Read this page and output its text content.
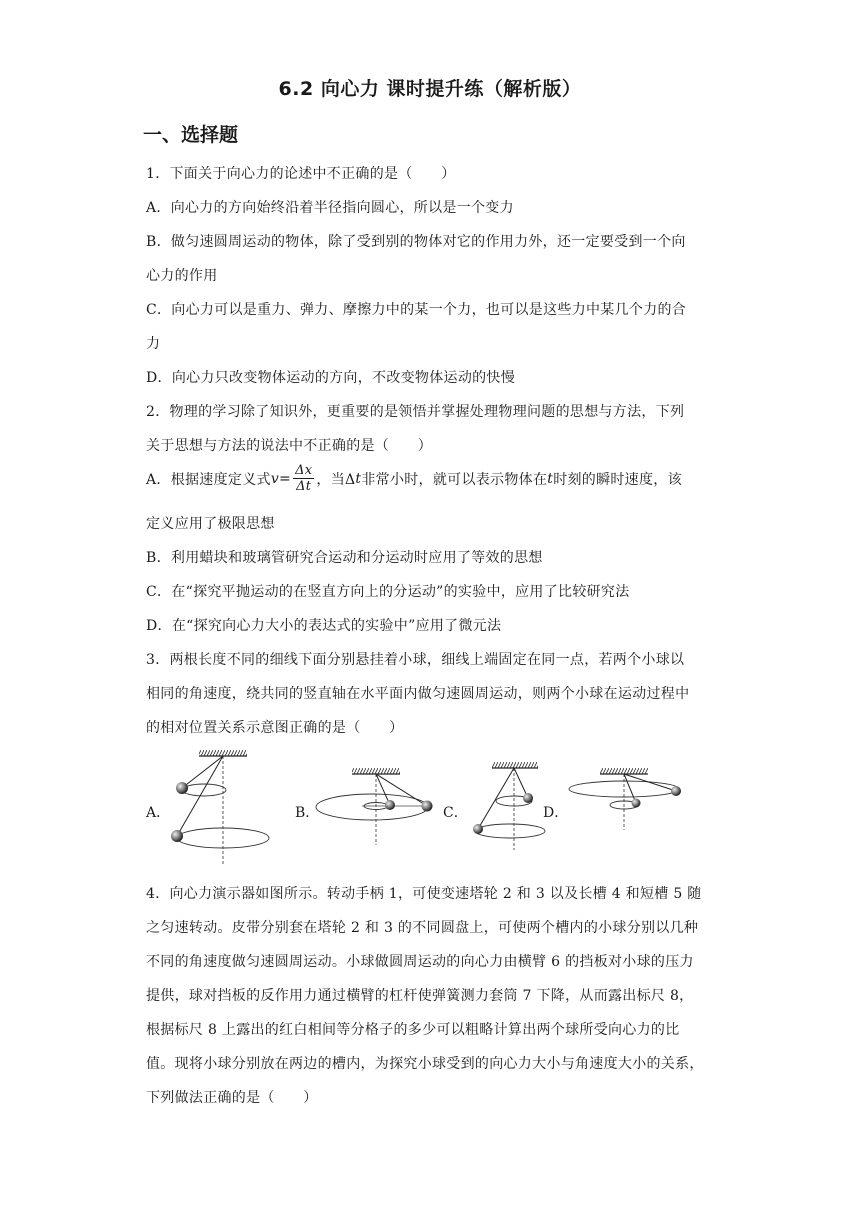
6.2 向心力 课时提升练（解析版）
一、选择题
1．下面关于向心力的论述中不正确的是（　　）
A．向心力的方向始终沿着半径指向圆心，所以是一个变力
B．做匀速圆周运动的物体，除了受到别的物体对它的作用力外，还一定要受到一个向
心力的作用
C．向心力可以是重力、弹力、摩擦力中的某一个力，也可以是这些力中某几个力的合
力
D．向心力只改变物体运动的方向，不改变物体运动的快慢
2．物理的学习除了知识外，更重要的是领悟并掌握处理物理问题的思想与方法，下列
关于思想与方法的说法中不正确的是（　　）
A．根据速度定义式 $v = \frac{\Delta x}{\Delta t}$ ，当Δ t 非常小时，就可以表示物体在 t 时刻的瞬时速度，该
定义应用了极限思想
B．利用蜡块和玻璃管研究合运动和分运动时应用了等效的思想
C．在“探究平抛运动的在竖直方向上的分运动”的实验中，应用了比较研究法
D．在“探究向心力大小的表达式的实验中”应用了微元法
3．两根长度不同的细线下面分别悬挂着小球，细线上端固定在同一点，若两个小球以
相同的角速度，绕共同的竖直轴在水平面内做匀速圆周运动，则两个小球在运动过程中
的相对位置关系示意图正确的是（　　）
A．	B．	C．	D．
4．向心力演示器如图所示。转动手柄 1，可使变速塔轮 2 和 3 以及长槽 4 和短槽 5 随
之匀速转动。皮带分别套在塔轮 2 和 3 的不同圆盘上，可使两个槽内的小球分别以几种
不同的角速度做匀速圆周运动。小球做圆周运动的向心力由横臂 6 的挡板对小球的压力
提供，球对挡板的反作用力通过横臂的杠杆使弹簧测力套筒 7 下降，从而露出标尺 8，
根据标尺 8 上露出的红白相间等分格子的多少可以粗略计算出两个球所受向心力的比
值。现将小球分别放在两边的槽内，为探究小球受到的向心力大小与角速度大小的关系，
下列做法正确的是（　　）
